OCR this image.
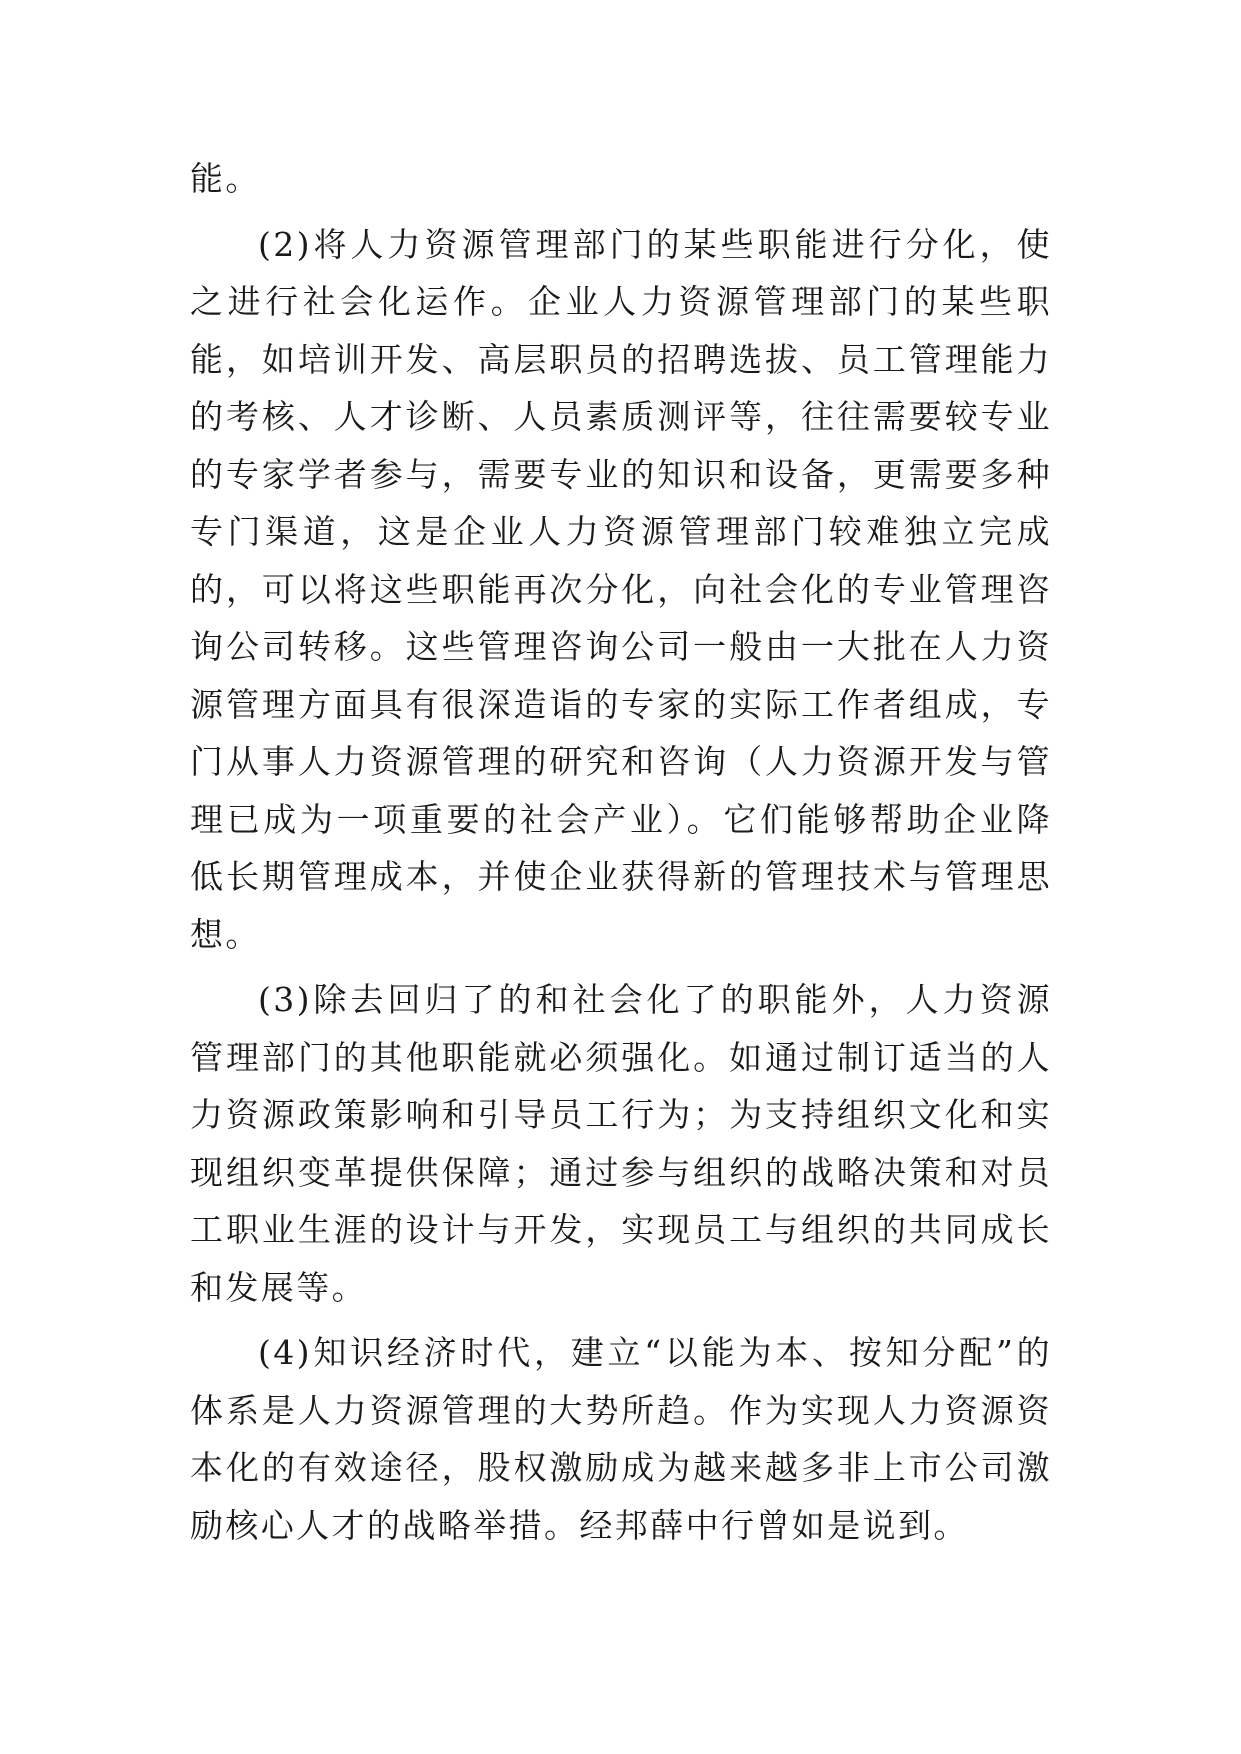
能。

(2)将人力资源管理部门的某些职能进行分化，使之进行社会化运作。企业人力资源管理部门的某些职能，如培训开发、高层职员的招聘选拔、员工管理能力的考核、人才诊断、人员素质测评等，往往需要较专业的专家学者参与，需要专业的知识和设备，更需要多种专门渠道，这是企业人力资源管理部门较难独立完成的，可以将这些职能再次分化，向社会化的专业管理咨询公司转移。这些管理咨询公司一般由一大批在人力资源管理方面具有很深造诣的专家的实际工作者组成，专门从事人力资源管理的研究和咨询（人力资源开发与管理已成为一项重要的社会产业）。它们能够帮助企业降低长期管理成本，并使企业获得新的管理技术与管理思想。

(3)除去回归了的和社会化了的职能外，人力资源管理部门的其他职能就必须强化。如通过制订适当的人力资源政策影响和引导员工行为；为支持组织文化和实现组织变革提供保障；通过参与组织的战略决策和对员工职业生涯的设计与开发，实现员工与组织的共同成长和发展等。

(4)知识经济时代，建立“以能为本、按知分配”的体系是人力资源管理的大势所趋。作为实现人力资源资本化的有效途径，股权激励成为越来越多非上市公司激励核心人才的战略举措。经邦薛中行曾如是说到。
